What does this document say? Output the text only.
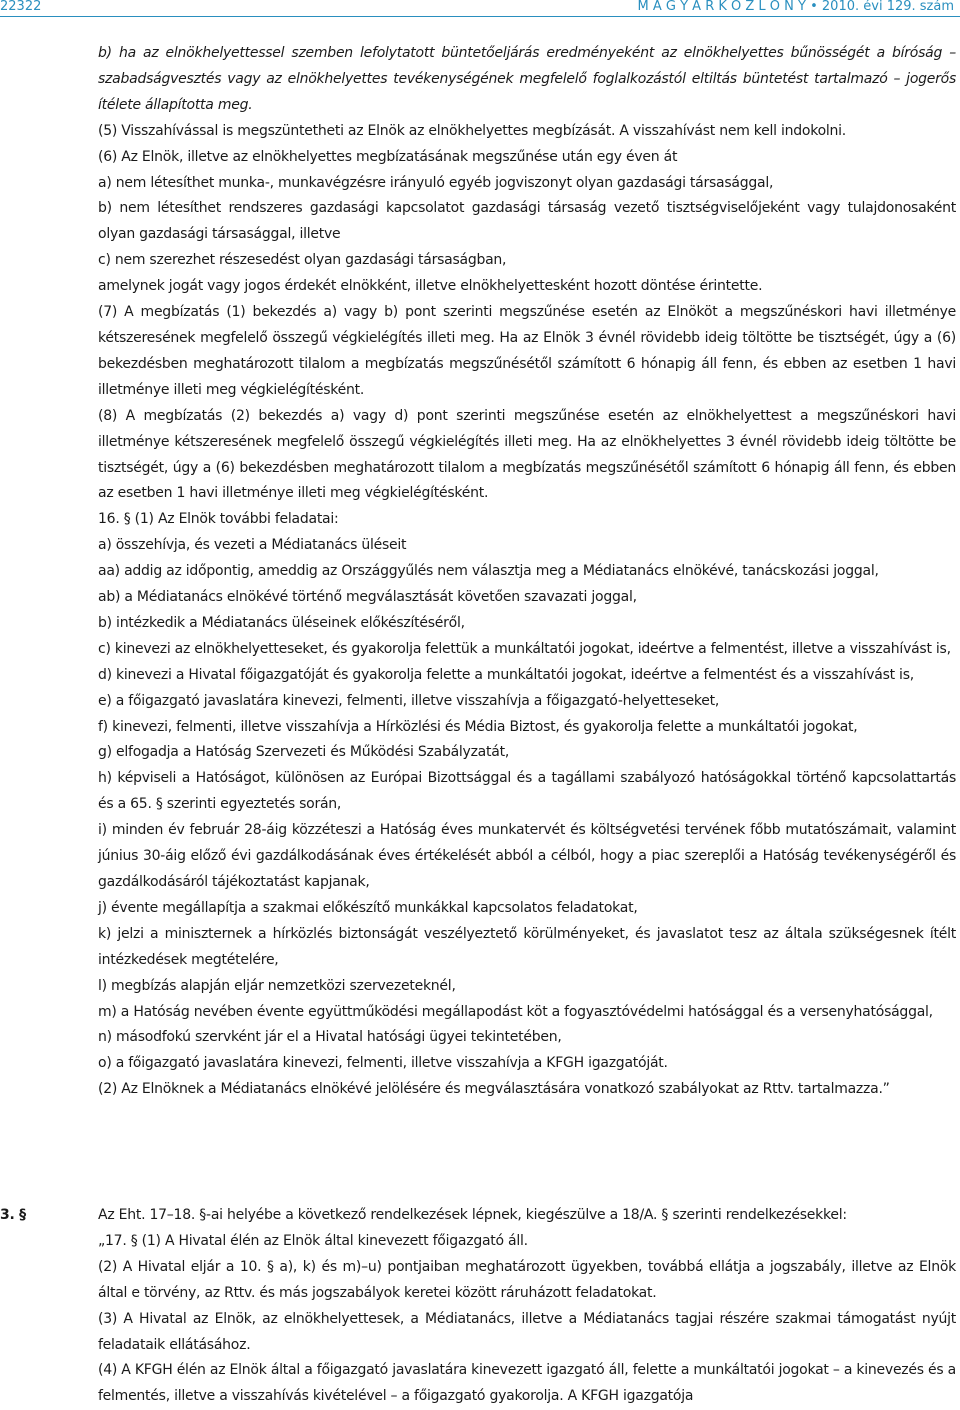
22322	M A G Y A R K Ö Z L Ö N Y • 2010. évi 129. szám

b) ha az elnökhelyettessel szemben lefolytatott büntetőeljárás eredményeként az elnökhelyettes bűnösségét a bíróság – szabadságvesztés vagy az elnökhelyettes tevékenységének megfelelő foglalkozástól eltiltás büntetést tartalmazó – jogerős ítélete állapította meg.

(5) Visszahívással is megszüntetheti az Elnök az elnökhelyettes megbízását. A visszahívást nem kell indokolni.

(6) Az Elnök, illetve az elnökhelyettes megbízatásának megszűnése után egy éven át

a) nem létesíthet munka-, munkavégzésre irányuló egyéb jogviszonyt olyan gazdasági társasággal,

b) nem létesíthet rendszeres gazdasági kapcsolatot gazdasági társaság vezető tisztségviselőjeként vagy tulajdonosaként olyan gazdasági társasággal, illetve

c) nem szerezhet részesedést olyan gazdasági társaságban,

amelynek jogát vagy jogos érdekét elnökként, illetve elnökhelyettesként hozott döntése érintette.

(7) A megbízatás (1) bekezdés a) vagy b) pont szerinti megszűnése esetén az Elnököt a megszűnéskori havi illetménye kétszeresének megfelelő összegű végkielégítés illeti meg. Ha az Elnök 3 évnél rövidebb ideig töltötte be tisztségét, úgy a (6) bekezdésben meghatározott tilalom a megbízatás megszűnésétől számított 6 hónapig áll fenn, és ebben az esetben 1 havi illetménye illeti meg végkielégítésként.

(8) A megbízatás (2) bekezdés a) vagy d) pont szerinti megszűnése esetén az elnökhelyettest a megszűnéskori havi illetménye kétszeresének megfelelő összegű végkielégítés illeti meg. Ha az elnökhelyettes 3 évnél rövidebb ideig töltötte be tisztségét, úgy a (6) bekezdésben meghatározott tilalom a megbízatás megszűnésétől számított 6 hónapig áll fenn, és ebben az esetben 1 havi illetménye illeti meg végkielégítésként.

16. § (1) Az Elnök további feladatai:

a) összehívja, és vezeti a Médiatanács üléseit

aa) addig az időpontig, ameddig az Országgyűlés nem választja meg a Médiatanács elnökévé, tanácskozási joggal,

ab) a Médiatanács elnökévé történő megválasztását követően szavazati joggal,

b) intézkedik a Médiatanács üléseinek előkészítéséről,

c) kinevezi az elnökhelyetteseket, és gyakorolja felettük a munkáltatói jogokat, ideértve a felmentést, illetve a visszahívást is,

d) kinevezi a Hivatal főigazgatóját és gyakorolja felette a munkáltatói jogokat, ideértve a felmentést és a visszahívást is,

e) a főigazgató javaslatára kinevezi, felmenti, illetve visszahívja a főigazgató-helyetteseket,

f) kinevezi, felmenti, illetve visszahívja a Hírközlési és Média Biztost, és gyakorolja felette a munkáltatói jogokat,

g) elfogadja a Hatóság Szervezeti és Működési Szabályzatát,

h) képviseli a Hatóságot, különösen az Európai Bizottsággal és a tagállami szabályozó hatóságokkal történő kapcsolattartás és a 65. § szerinti egyeztetés során,

i) minden év február 28-áig közzéteszi a Hatóság éves munkatervét és költségvetési tervének főbb mutatószámait, valamint június 30-áig előző évi gazdálkodásának éves értékelését abból a célból, hogy a piac szereplői a Hatóság tevékenységéről és gazdálkodásáról tájékoztatást kapjanak,

j) évente megállapítja a szakmai előkészítő munkákkal kapcsolatos feladatokat,

k) jelzi a miniszternek a hírközlés biztonságát veszélyeztető körülményeket, és javaslatot tesz az általa szükségesnek ítélt intézkedések megtételére,

l) megbízás alapján eljár nemzetközi szervezeteknél,

m) a Hatóság nevében évente együttműködési megállapodást köt a fogyasztóvédelmi hatósággal és a versenyhatósággal,

n) másodfokú szervként jár el a Hivatal hatósági ügyei tekintetében,

o) a főigazgató javaslatára kinevezi, felmenti, illetve visszahívja a KFGH igazgatóját.

(2) Az Elnöknek a Médiatanács elnökévé jelölésére és megválasztására vonatkozó szabályokat az Rttv. tartalmazza.”

3. §	Az Eht. 17–18. §-ai helyébe a következő rendelkezések lépnek, kiegészülve a 18/A. § szerinti rendelkezésekkel:

„17. § (1) A Hivatal élén az Elnök által kinevezett főigazgató áll.

(2) A Hivatal eljár a 10. § a), k) és m)–u) pontjaiban meghatározott ügyekben, továbbá ellátja a jogszabály, illetve az Elnök által e törvény, az Rttv. és más jogszabályok keretei között ráruházott feladatokat.

(3) A Hivatal az Elnök, az elnökhelyettesek, a Médiatanács, illetve a Médiatanács tagjai részére szakmai támogatást nyújt feladataik ellátásához.

(4) A KFGH élén az Elnök által a főigazgató javaslatára kinevezett igazgató áll, felette a munkáltatói jogokat – a kinevezés és a felmentés, illetve a visszahívás kivételével – a főigazgató gyakorolja. A KFGH igazgatója
